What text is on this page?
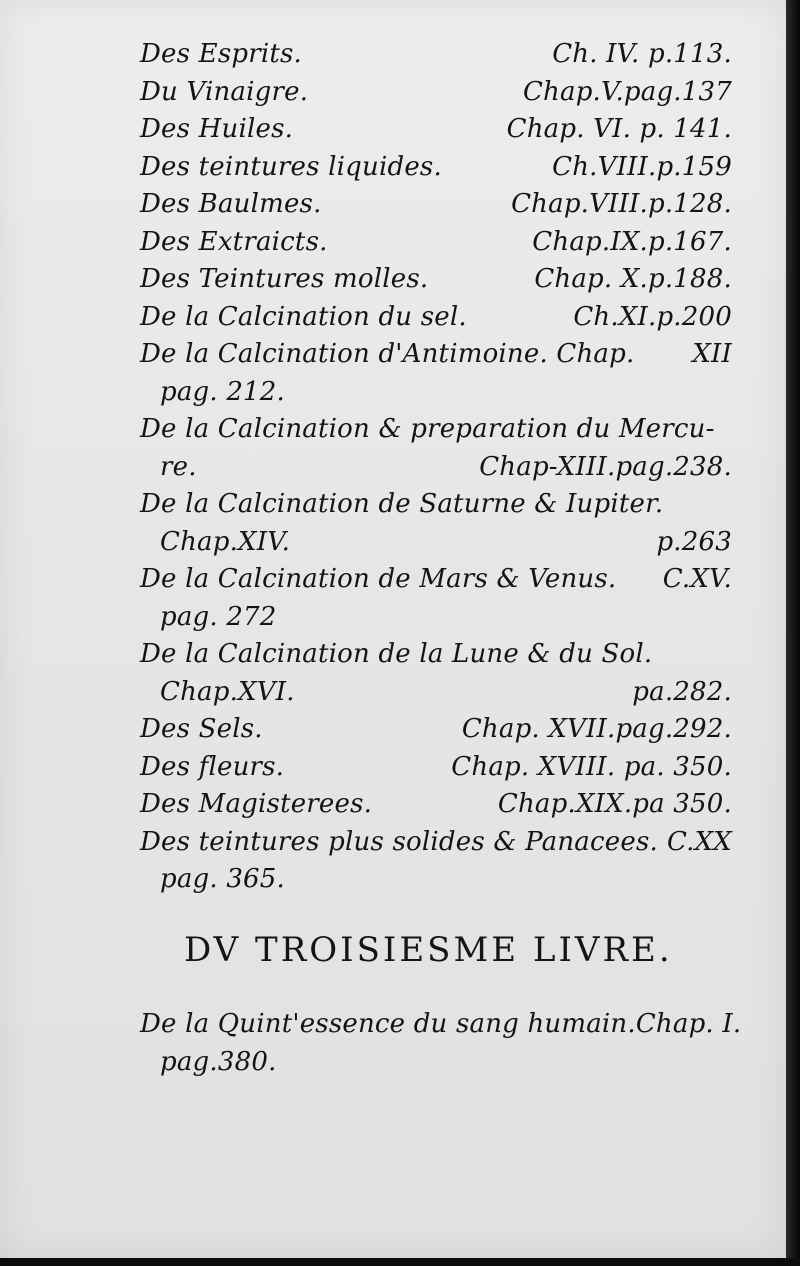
Des Esprits.	Ch. IV. p.113.
Du Vinaigre.	Chap.V.pag.137
Des Huiles.	Chap. VI. p. 141.
Des teintures liquides.	Ch.VIII.p.159
Des Baulmes.	Chap.VIII.p.128.
Des Extraicts.	Chap.IX.p.167.
Des Teintures molles.	Chap. X.p.188.
De la Calcination du sel.	Ch.XI.p.200
De la Calcination d'Antimoine. Chap. XII
pag. 212.
De la Calcination & preparation du Mercu-
re.	Chap-XIII.pag.238.
De la Calcination de Saturne & Iupiter.
Chap.XIV.	p.263
De la Calcination de Mars & Venus. C.XV.
pag. 272
De la Calcination de la Lune & du Sol.
Chap.XVI.	pa.282.
Des Sels.	Chap. XVII.pag.292.
Des fleurs.	Chap. XVIII. pa. 350.
Des Magisterees.	Chap.XIX.pa 350.
Des teintures plus solides & Panacees. C.XX
pag. 365.
DV TROISIESME LIVRE.
De la Quint'essence du sang humain. Chap. I.
pag.380.
